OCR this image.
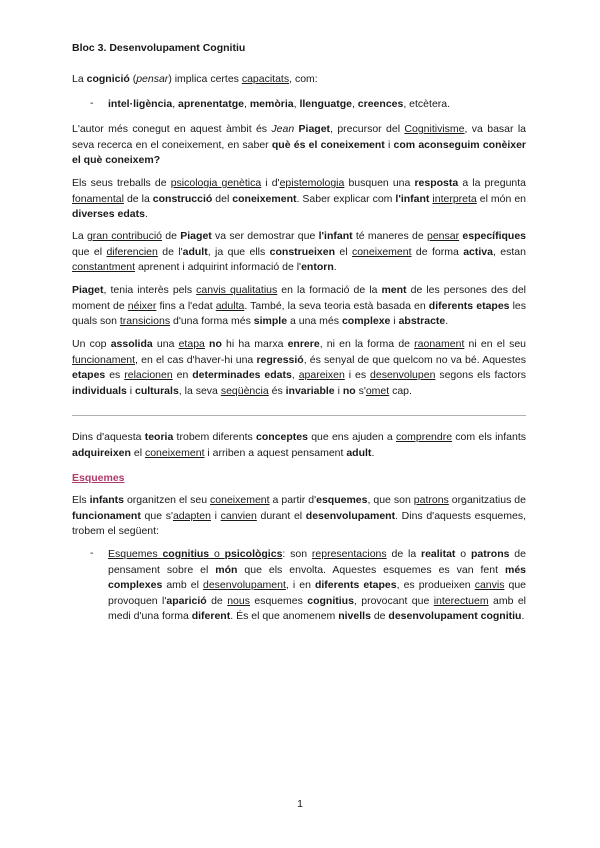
Bloc 3. Desenvolupament Cognitiu

La cognició (pensar) implica certes capacitats, com:

- intel·ligència, aprenentatge, memòria, llenguatge, creences, etcètera.

L'autor més conegut en aquest àmbit és Jean Piaget, precursor del Cognitivisme, va basar la seva recerca en el coneixement, en saber què és el coneixement i com aconseguim conèixer el què coneixem?

Els seus treballs de psicologia genètica i d'epistemologia busquen una resposta a la pregunta fonamental de la construcció del coneixement. Saber explicar com l'infant interpreta el món en diverses edats.

La gran contribució de Piaget va ser demostrar que l'infant té maneres de pensar específiques que el diferencien de l'adult, ja que ells construeixen el coneixement de forma activa, estan constantment aprenent i adquirint informació de l'entorn.

Piaget, tenia interès pels canvis qualitatius en la formació de la ment de les persones des del moment de néixer fins a l'edat adulta. També, la seva teoria està basada en diferents etapes les quals son transicions d'una forma més simple a una més complexe i abstracte.

Un cop assolida una etapa no hi ha marxa enrere, ni en la forma de raonament ni en el seu funcionament, en el cas d'haver-hi una regressió, és senyal de que quelcom no va bé. Aquestes etapes es relacionen en determinades edats, apareixen i es desenvolupen segons els factors individuals i culturals, la seva seqüència és invariable i no s'omet cap.

Dins d'aquesta teoria trobem diferents conceptes que ens ajuden a comprendre com els infants adquireixen el coneixement i arriben a aquest pensament adult.

Esquemes

Els infants organitzen el seu coneixement a partir d'esquemes, que son patrons organitzatius de funcionament que s'adapten i canvien durant el desenvolupament. Dins d'aquests esquemes, trobem el següent:

- Esquemes cognitius o psicològics: son representacions de la realitat o patrons de pensament sobre el món que els envolta. Aquestes esquemes es van fent més complexes amb el desenvolupament, i en diferents etapes, es produeixen canvis que provoquen l'aparició de nous esquemes cognitius, provocant que interectuem amb el medi d'una forma diferent. És el que anomenem nivells de desenvolupament cognitiu.
1
